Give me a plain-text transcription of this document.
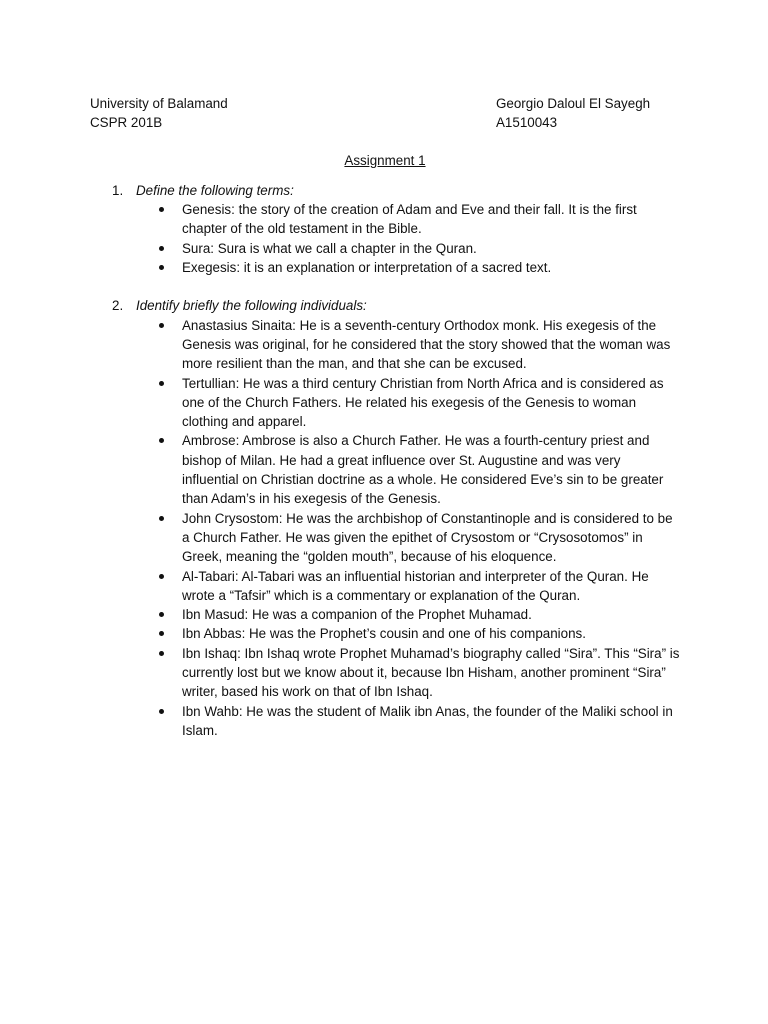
University of Balamand
CSPR 201B
Georgio Daloul El Sayegh
A1510043
Assignment 1
1. Define the following terms:
Genesis: the story of the creation of Adam and Eve and their fall. It is the first chapter of the old testament in the Bible.
Sura: Sura is what we call a chapter in the Quran.
Exegesis: it is an explanation or interpretation of a sacred text.
2. Identify briefly the following individuals:
Anastasius Sinaita: He is a seventh-century Orthodox monk. His exegesis of the Genesis was original, for he considered that the story showed that the woman was more resilient than the man, and that she can be excused.
Tertullian: He was a third century Christian from North Africa and is considered as one of the Church Fathers. He related his exegesis of the Genesis to woman clothing and apparel.
Ambrose: Ambrose is also a Church Father. He was a fourth-century priest and bishop of Milan. He had a great influence over St. Augustine and was very influential on Christian doctrine as a whole. He considered Eve’s sin to be greater than Adam’s in his exegesis of the Genesis.
John Crysostom: He was the archbishop of Constantinople and is considered to be a Church Father. He was given the epithet of Crysostom or “Crysosotomos” in Greek, meaning the “golden mouth”, because of his eloquence.
Al-Tabari: Al-Tabari was an influential historian and interpreter of the Quran. He wrote a “Tafsir” which is a commentary or explanation of the Quran.
Ibn Masud: He was a companion of the Prophet Muhamad.
Ibn Abbas: He was the Prophet’s cousin and one of his companions.
Ibn Ishaq: Ibn Ishaq wrote Prophet Muhamad’s biography called “Sira”. This “Sira” is currently lost but we know about it, because Ibn Hisham, another prominent “Sira” writer, based his work on that of Ibn Ishaq.
Ibn Wahb: He was the student of Malik ibn Anas, the founder of the Maliki school in Islam.
